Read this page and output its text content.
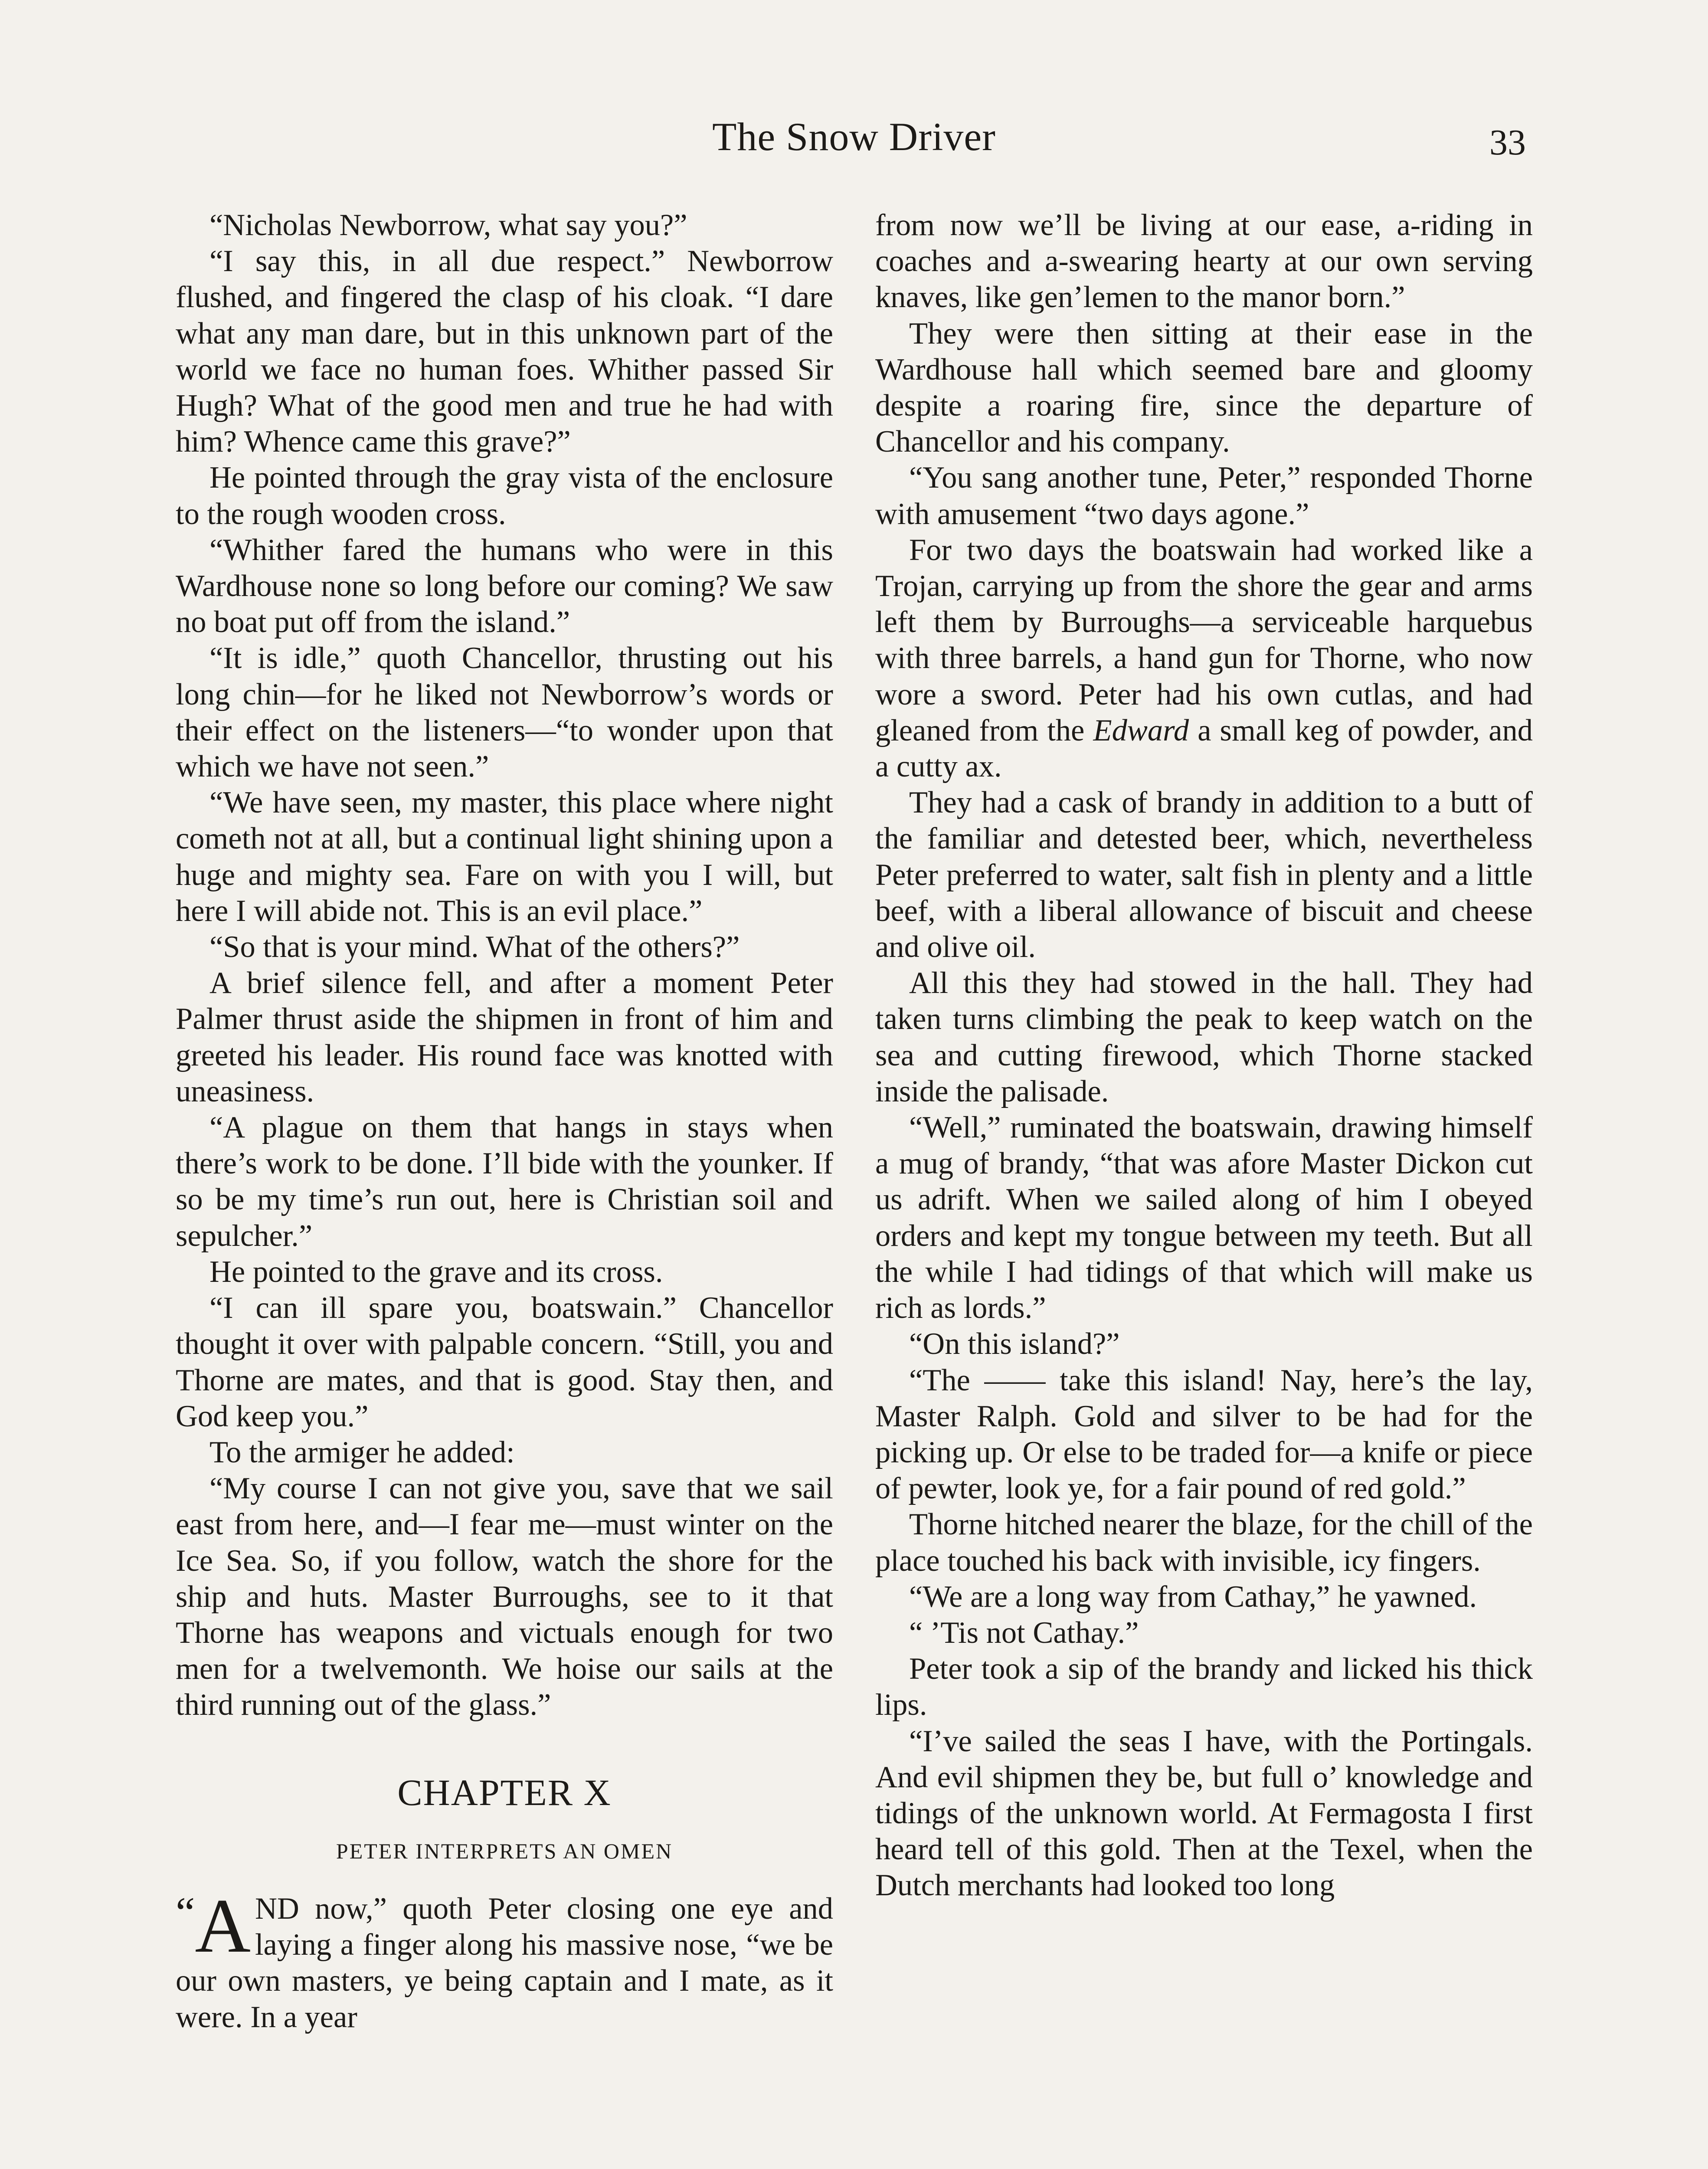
The Snow Driver	33

“Nicholas Newborrow, what say you?”

“I say this, in all due respect.” Newborrow flushed, and fingered the clasp of his cloak. “I dare what any man dare, but in this unknown part of the world we face no human foes. Whither passed Sir Hugh? What of the good men and true he had with him? Whence came this grave?”

He pointed through the gray vista of the enclosure to the rough wooden cross.

“Whither fared the humans who were in this Wardhouse none so long before our coming? We saw no boat put off from the island.”

“It is idle,” quoth Chancellor, thrusting out his long chin—for he liked not Newborrow’s words or their effect on the listeners—“to wonder upon that which we have not seen.”

“We have seen, my master, this place where night cometh not at all, but a continual light shining upon a huge and mighty sea. Fare on with you I will, but here I will abide not. This is an evil place.”

“So that is your mind. What of the others?”

A brief silence fell, and after a moment Peter Palmer thrust aside the shipmen in front of him and greeted his leader. His round face was knotted with uneasiness.

“A plague on them that hangs in stays when there’s work to be done. I’ll bide with the younker. If so be my time’s run out, here is Christian soil and sepulcher.”

He pointed to the grave and its cross.

“I can ill spare you, boatswain.” Chancellor thought it over with palpable concern. “Still, you and Thorne are mates, and that is good. Stay then, and God keep you.”

To the armiger he added:

“My course I can not give you, save that we sail east from here, and—I fear me—must winter on the Ice Sea. So, if you follow, watch the shore for the ship and huts. Master Burroughs, see to it that Thorne has weapons and victuals enough for two men for a twelvemonth. We hoise our sails at the third running out of the glass.”

CHAPTER X
PETER INTERPRETS AN OMEN

“A ND now,” quoth Peter closing one eye and laying a finger along his massive nose, “we be our own masters, ye being captain and I mate, as it were. In a year

from now we’ll be living at our ease, a-riding in coaches and a-swearing hearty at our own serving knaves, like gen’lemen to the manor born.”

They were then sitting at their ease in the Wardhouse hall which seemed bare and gloomy despite a roaring fire, since the departure of Chancellor and his company.

“You sang another tune, Peter,” responded Thorne with amusement “two days agone.”

For two days the boatswain had worked like a Trojan, carrying up from the shore the gear and arms left them by Burroughs—a serviceable harquebus with three barrels, a hand gun for Thorne, who now wore a sword. Peter had his own cutlas, and had gleaned from the Edward a small keg of powder, and a cutty ax.

They had a cask of brandy in addition to a butt of the familiar and detested beer, which, nevertheless Peter preferred to water, salt fish in plenty and a little beef, with a liberal allowance of biscuit and cheese and olive oil.

All this they had stowed in the hall. They had taken turns climbing the peak to keep watch on the sea and cutting firewood, which Thorne stacked inside the palisade.

“Well,” ruminated the boatswain, drawing himself a mug of brandy, “that was afore Master Dickon cut us adrift. When we sailed along of him I obeyed orders and kept my tongue between my teeth. But all the while I had tidings of that which will make us rich as lords.”

“On this island?”

“The —— take this island! Nay, here’s the lay, Master Ralph. Gold and silver to be had for the picking up. Or else to be traded for—a knife or piece of pewter, look ye, for a fair pound of red gold.”

Thorne hitched nearer the blaze, for the chill of the place touched his back with invisible, icy fingers.

“We are a long way from Cathay,” he yawned.

“ ’Tis not Cathay.”

Peter took a sip of the brandy and licked his thick lips.

“I’ve sailed the seas I have, with the Portingals. And evil shipmen they be, but full o’ knowledge and tidings of the unknown world. At Fermagosta I first heard tell of this gold. Then at the Texel, when the Dutch merchants had looked too long
